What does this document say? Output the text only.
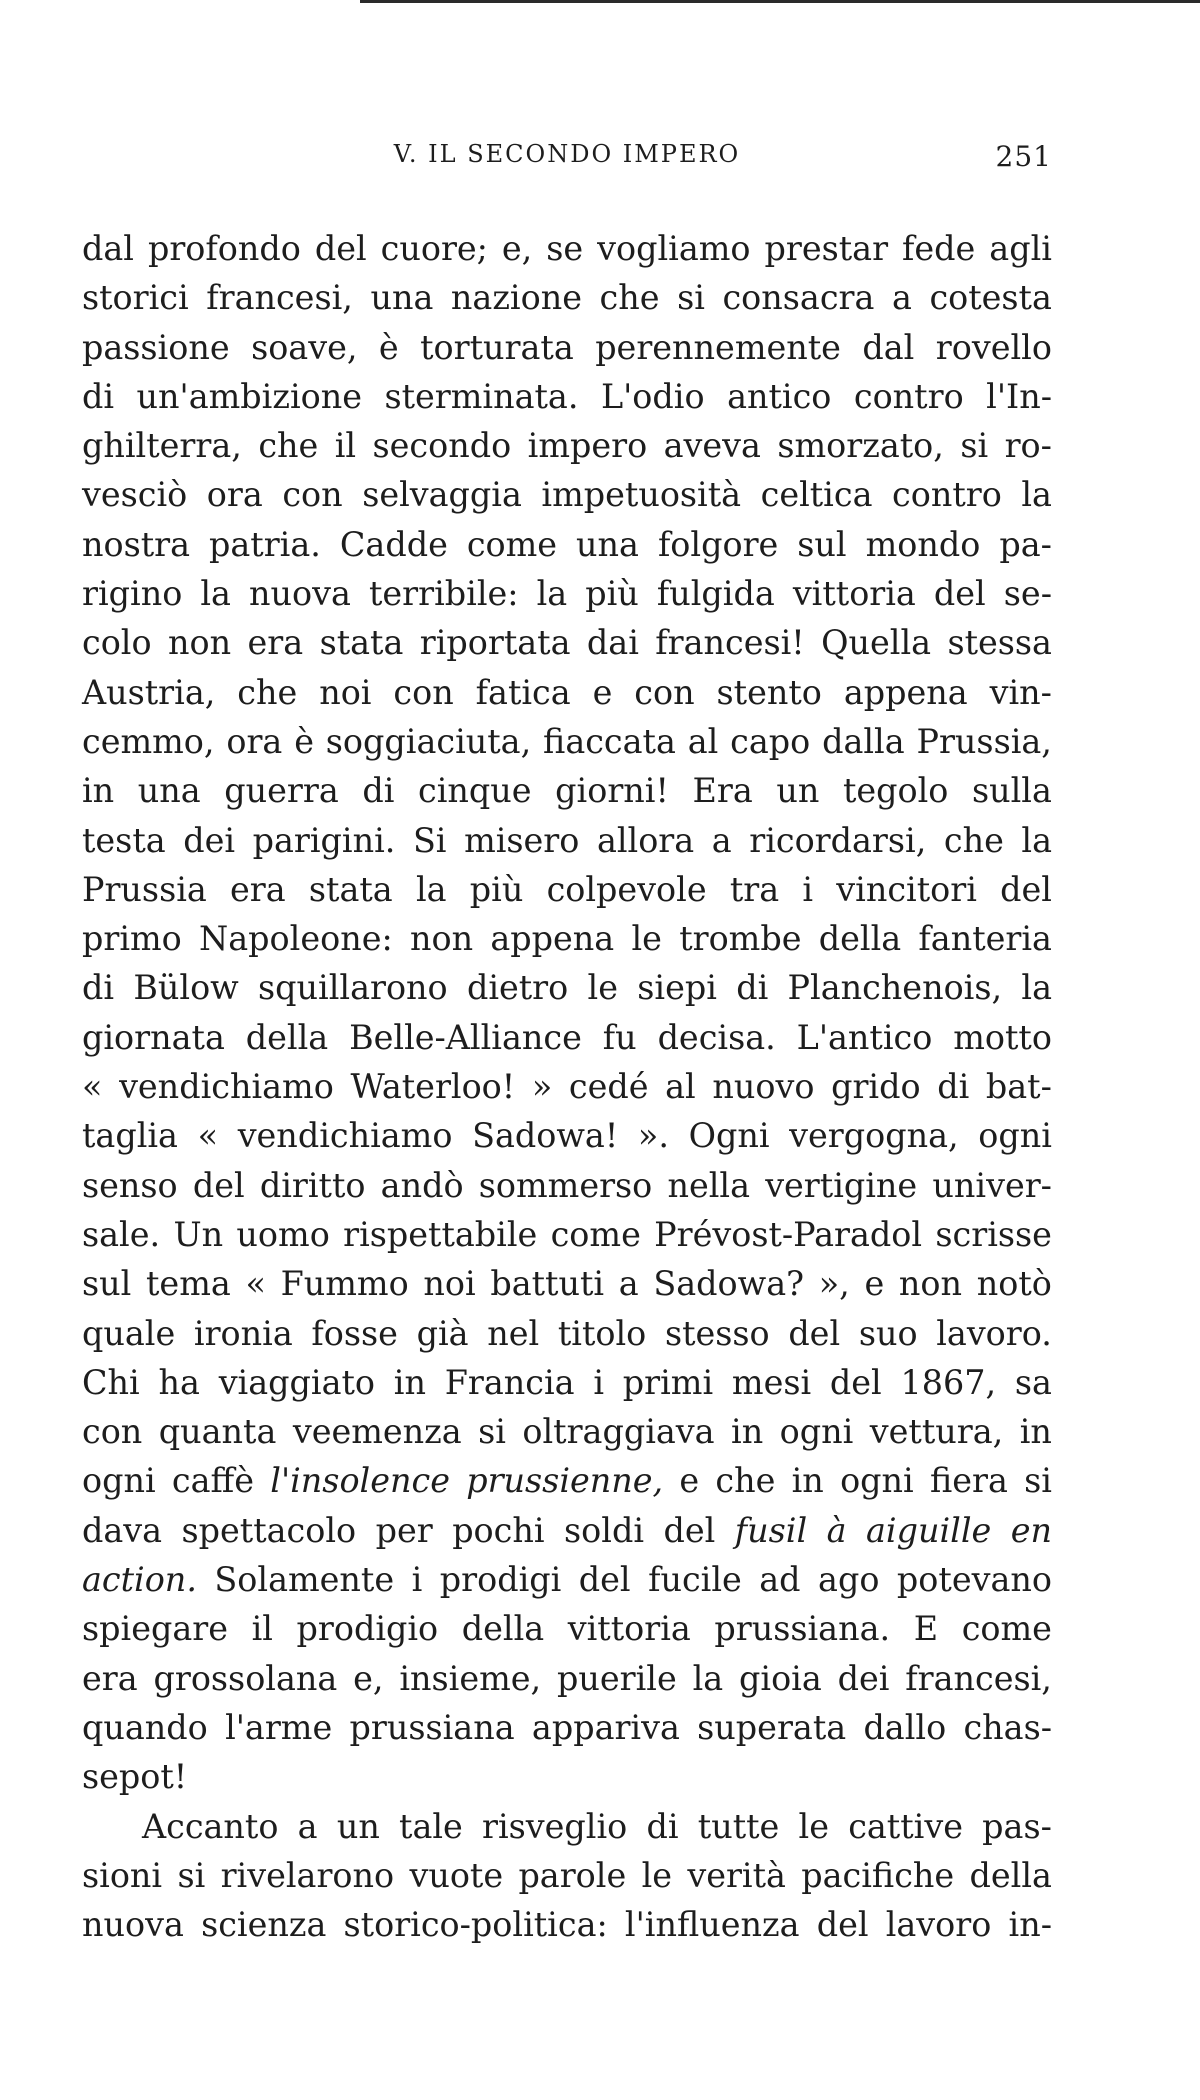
V. IL SECONDO IMPERO	251
dal profondo del cuore; e, se vogliamo prestar fede agli
storici francesi, una nazione che si consacra a cotesta
passione soave, è torturata perennemente dal rovello
di un'ambizione sterminata. L'odio antico contro l'In-
ghilterra, che il secondo impero aveva smorzato, si ro-
vesciò ora con selvaggia impetuosità celtica contro la
nostra patria. Cadde come una folgore sul mondo pa-
rigino la nuova terribile: la più fulgida vittoria del se-
colo non era stata riportata dai francesi! Quella stessa
Austria, che noi con fatica e con stento appena vin-
cemmo, ora è soggiaciuta, fiaccata al capo dalla Prussia,
in una guerra di cinque giorni! Era un tegolo sulla
testa dei parigini. Si misero allora a ricordarsi, che la
Prussia era stata la più colpevole tra i vincitori del
primo Napoleone: non appena le trombe della fanteria
di Bülow squillarono dietro le siepi di Planchenois, la
giornata della Belle-Alliance fu decisa. L'antico motto
« vendichiamo Waterloo! » cedé al nuovo grido di bat-
taglia « vendichiamo Sadowa! ». Ogni vergogna, ogni
senso del diritto andò sommerso nella vertigine univer-
sale. Un uomo rispettabile come Prévost-Paradol scrisse
sul tema « Fummo noi battuti a Sadowa? », e non notò
quale ironia fosse già nel titolo stesso del suo lavoro.
Chi ha viaggiato in Francia i primi mesi del 1867, sa
con quanta veemenza si oltraggiava in ogni vettura, in
ogni caffè l'insolence prussienne, e che in ogni fiera si
dava spettacolo per pochi soldi del fusil à aiguille en
action. Solamente i prodigi del fucile ad ago potevano
spiegare il prodigio della vittoria prussiana. E come
era grossolana e, insieme, puerile la gioia dei francesi,
quando l'arme prussiana appariva superata dallo chas-
sepot!
Accanto a un tale risveglio di tutte le cattive pas-
sioni si rivelarono vuote parole le verità pacifiche della
nuova scienza storico-politica: l'influenza del lavoro in-
